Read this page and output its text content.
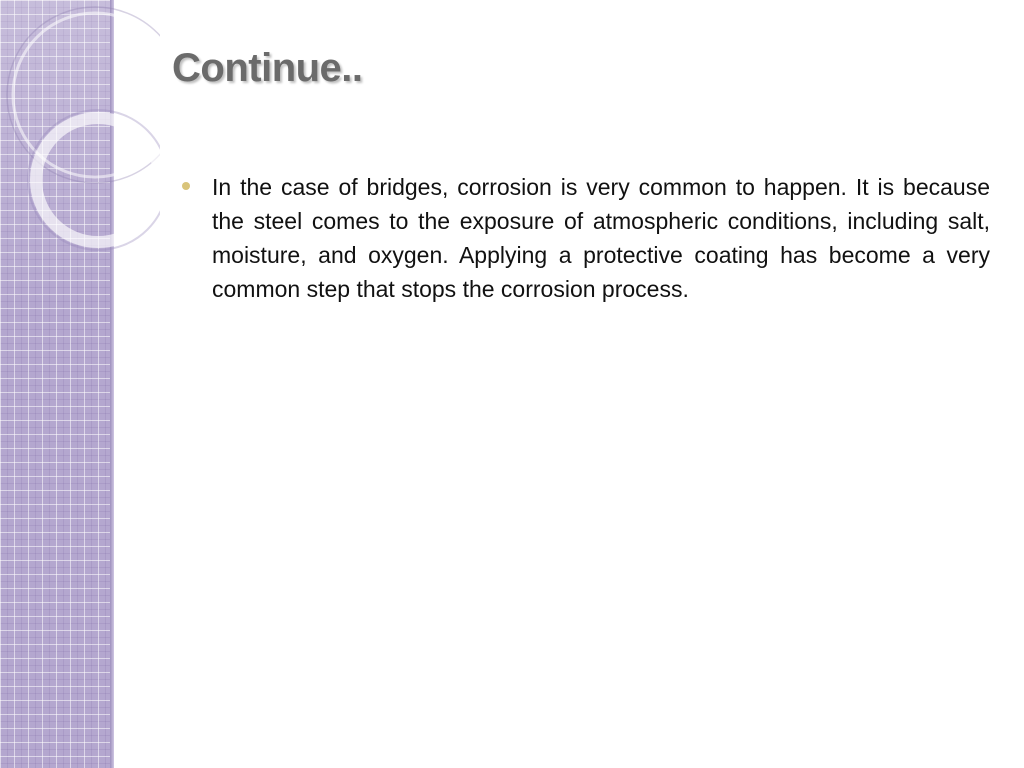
Continue..

In the case of bridges, corrosion is very common to happen. It is because the steel comes to the exposure of atmospheric conditions, including salt, moisture, and oxygen. Applying a protective coating has become a very common step that stops the corrosion process.
